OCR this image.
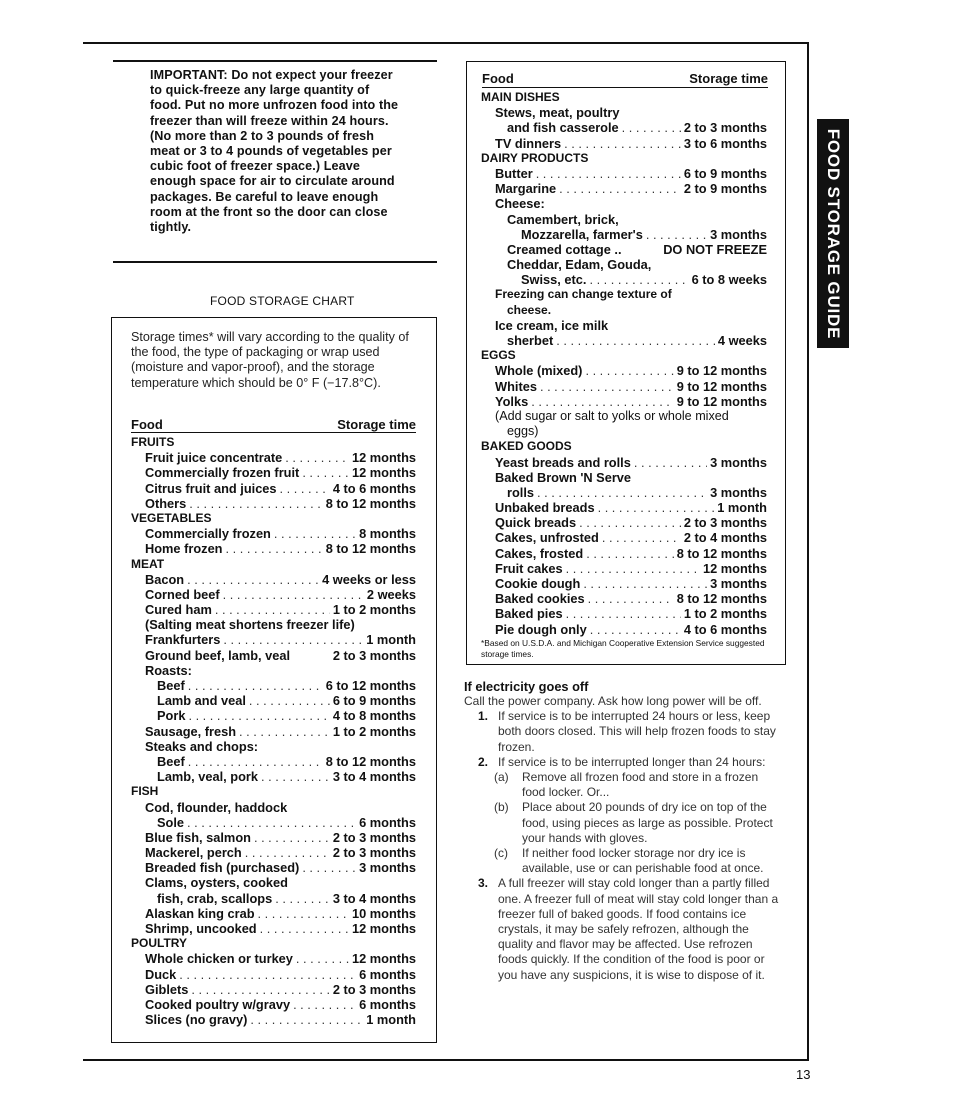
IMPORTANT: Do not expect your freezer to quick-freeze any large quantity of food. Put no more unfrozen food into the freezer than will freeze within 24 hours. (No more than 2 to 3 pounds of fresh meat or 3 to 4 pounds of vegetables per cubic foot of freezer space.) Leave enough space for air to circulate around packages. Be careful to leave enough room at the front so the door can close tightly.
FOOD STORAGE CHART
Storage times* will vary according to the quality of the food, the type of packaging or wrap used (moisture and vapor-proof), and the storage temperature which should be 0° F (−17.8°C).
Food	Storage time
FRUITS
Fruit juice concentrate . . .	12 months
Commercially frozen fruit . . .	12 months
Citrus fruit and juices . . .	4 to 6 months
Others . . .	8 to 12 months
VEGETABLES
Commercially frozen . . .	8 months
Home frozen . . .	8 to 12 months
MEAT
Bacon . . .	4 weeks or less
Corned beef . . .	2 weeks
Cured ham . . .	1 to 2 months
(Salting meat shortens freezer life)
Frankfurters . . .	1 month
Ground beef, lamb, veal	2 to 3 months
Roasts:
Beef . . .	6 to 12 months
Lamb and veal . . .	6 to 9 months
Pork . . .	4 to 8 months
Sausage, fresh . . .	1 to 2 months
Steaks and chops:
Beef . . .	8 to 12 months
Lamb, veal, pork . . .	3 to 4 months
FISH
Cod, flounder, haddock
Sole . . .	6 months
Blue fish, salmon . . .	2 to 3 months
Mackerel, perch . . .	2 to 3 months
Breaded fish (purchased) . . .	3 months
Clams, oysters, cooked
fish, crab, scallops . . .	3 to 4 months
Alaskan king crab . . .	10 months
Shrimp, uncooked . . .	12 months
POULTRY
Whole chicken or turkey . . .	12 months
Duck . . .	6 months
Giblets . . .	2 to 3 months
Cooked poultry w/gravy . . .	6 months
Slices (no gravy) . . .	1 month
Food	Storage time
MAIN DISHES
Stews, meat, poultry
and fish casserole . . .	2 to 3 months
TV dinners . . .	3 to 6 months
DAIRY PRODUCTS
Butter . . .	6 to 9 months
Margarine . . .	2 to 9 months
Cheese:
Camembert, brick,
Mozzarella, farmer's . . .	3 months
Creamed cottage ..	DO NOT FREEZE
Cheddar, Edam, Gouda,
Swiss, etc. . . .	6 to 8 weeks
Freezing can change texture of
cheese.
Ice cream, ice milk
sherbet . . .	4 weeks
EGGS
Whole (mixed) . . .	9 to 12 months
Whites . . .	9 to 12 months
Yolks . . .	9 to 12 months
(Add sugar or salt to yolks or whole mixed
eggs)
BAKED GOODS
Yeast breads and rolls . . .	3 months
Baked Brown 'N Serve
rolls . . .	3 months
Unbaked breads . . .	1 month
Quick breads . . .	2 to 3 months
Cakes, unfrosted . . .	2 to 4 months
Cakes, frosted . . .	8 to 12 months
Fruit cakes . . .	12 months
Cookie dough . . .	3 months
Baked cookies . . .	8 to 12 months
Baked pies . . .	1 to 2 months
Pie dough only . . .	4 to 6 months
*Based on U.S.D.A. and Michigan Cooperative Extension Service suggested storage times.
If electricity goes off

Call the power company. Ask how long power will be off.

1. If service is to be interrupted 24 hours or less, keep both doors closed. This will help frozen foods to stay frozen.
2. If service is to be interrupted longer than 24 hours:
(a) Remove all frozen food and store in a frozen food locker. Or...
(b) Place about 20 pounds of dry ice on top of the food, using pieces as large as possible. Protect your hands with gloves.
(c) If neither food locker storage nor dry ice is available, use or can perishable food at once.
3. A full freezer will stay cold longer than a partly filled one. A freezer full of meat will stay cold longer than a freezer full of baked goods. If food contains ice crystals, it may be safely refrozen, although the quality and flavor may be affected. Use refrozen foods quickly. If the condition of the food is poor or you have any suspicions, it is wise to dispose of it.
FOOD STORAGE GUIDE
13
